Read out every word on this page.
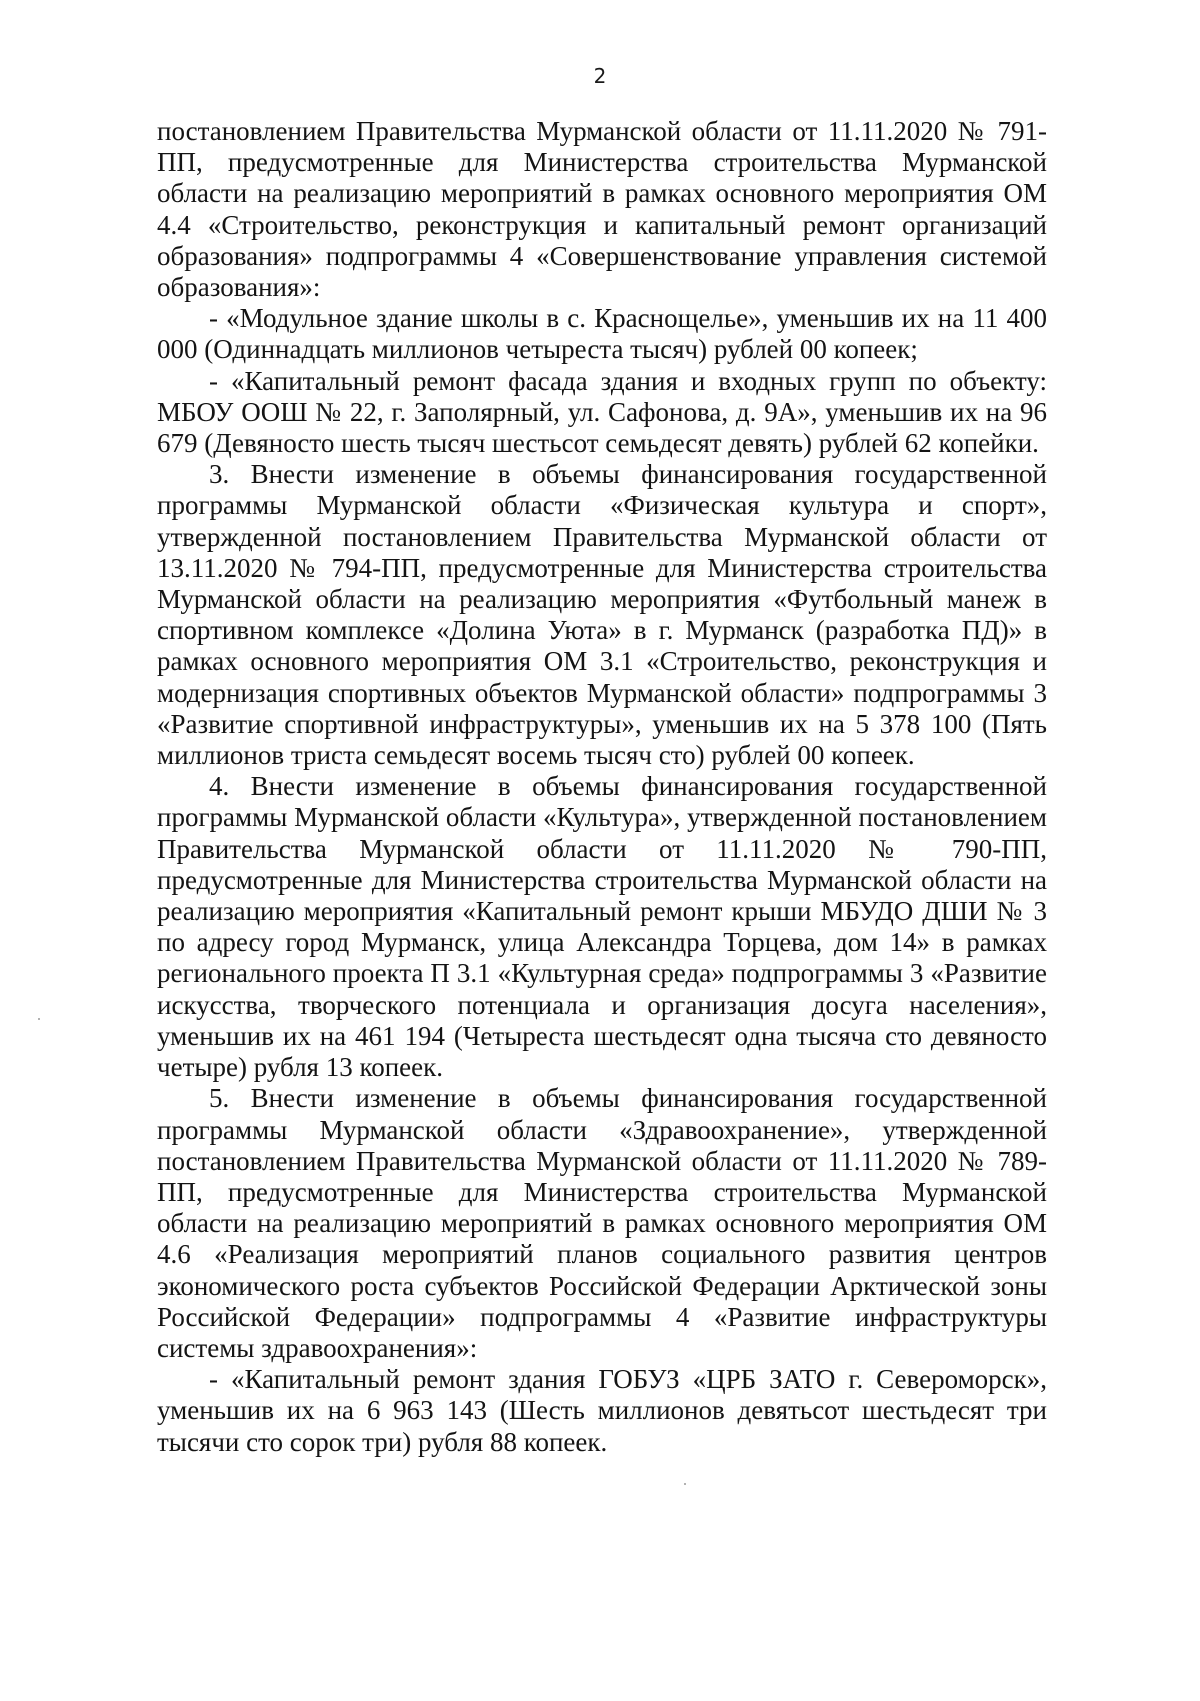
2

постановлением Правительства Мурманской области от 11.11.2020 № 791-ПП, предусмотренные для Министерства строительства Мурманской области на реализацию мероприятий в рамках основного мероприятия ОМ 4.4 «Строительство, реконструкция и капитальный ремонт организаций образования» подпрограммы 4 «Совершенствование управления системой образования»:

- «Модульное здание школы в с. Краснощелье», уменьшив их на 11 400 000 (Одиннадцать миллионов четыреста тысяч) рублей 00 копеек;

- «Капитальный ремонт фасада здания и входных групп по объекту: МБОУ ООШ № 22, г. Заполярный, ул. Сафонова, д. 9А», уменьшив их на 96 679 (Девяносто шесть тысяч шестьсот семьдесят девять) рублей 62 копейки.

3. Внести изменение в объемы финансирования государственной программы Мурманской области «Физическая культура и спорт», утвержденной постановлением Правительства Мурманской области от 13.11.2020 № 794-ПП, предусмотренные для Министерства строительства Мурманской области на реализацию мероприятия «Футбольный манеж в спортивном комплексе «Долина Уюта» в г. Мурманск (разработка ПД)» в рамках основного мероприятия ОМ 3.1 «Строительство, реконструкция и модернизация спортивных объектов Мурманской области» подпрограммы 3 «Развитие спортивной инфраструктуры», уменьшив их на 5 378 100 (Пять миллионов триста семьдесят восемь тысяч сто) рублей 00 копеек.

4. Внести изменение в объемы финансирования государственной программы Мурманской области «Культура», утвержденной постановлением Правительства Мурманской области от 11.11.2020 № 790-ПП, предусмотренные для Министерства строительства Мурманской области на реализацию мероприятия «Капитальный ремонт крыши МБУДО ДШИ № 3 по адресу город Мурманск, улица Александра Торцева, дом 14» в рамках регионального проекта П 3.1 «Культурная среда» подпрограммы 3 «Развитие искусства, творческого потенциала и организация досуга населения», уменьшив их на 461 194 (Четыреста шестьдесят одна тысяча сто девяносто четыре) рубля 13 копеек.

5. Внести изменение в объемы финансирования государственной программы Мурманской области «Здравоохранение», утвержденной постановлением Правительства Мурманской области от 11.11.2020 № 789-ПП, предусмотренные для Министерства строительства Мурманской области на реализацию мероприятий в рамках основного мероприятия ОМ 4.6 «Реализация мероприятий планов социального развития центров экономического роста субъектов Российской Федерации Арктической зоны Российской Федерации» подпрограммы 4 «Развитие инфраструктуры системы здравоохранения»:

- «Капитальный ремонт здания ГОБУЗ «ЦРБ ЗАТО г. Североморск», уменьшив их на 6 963 143 (Шесть миллионов девятьсот шестьдесят три тысячи сто сорок три) рубля 88 копеек.
